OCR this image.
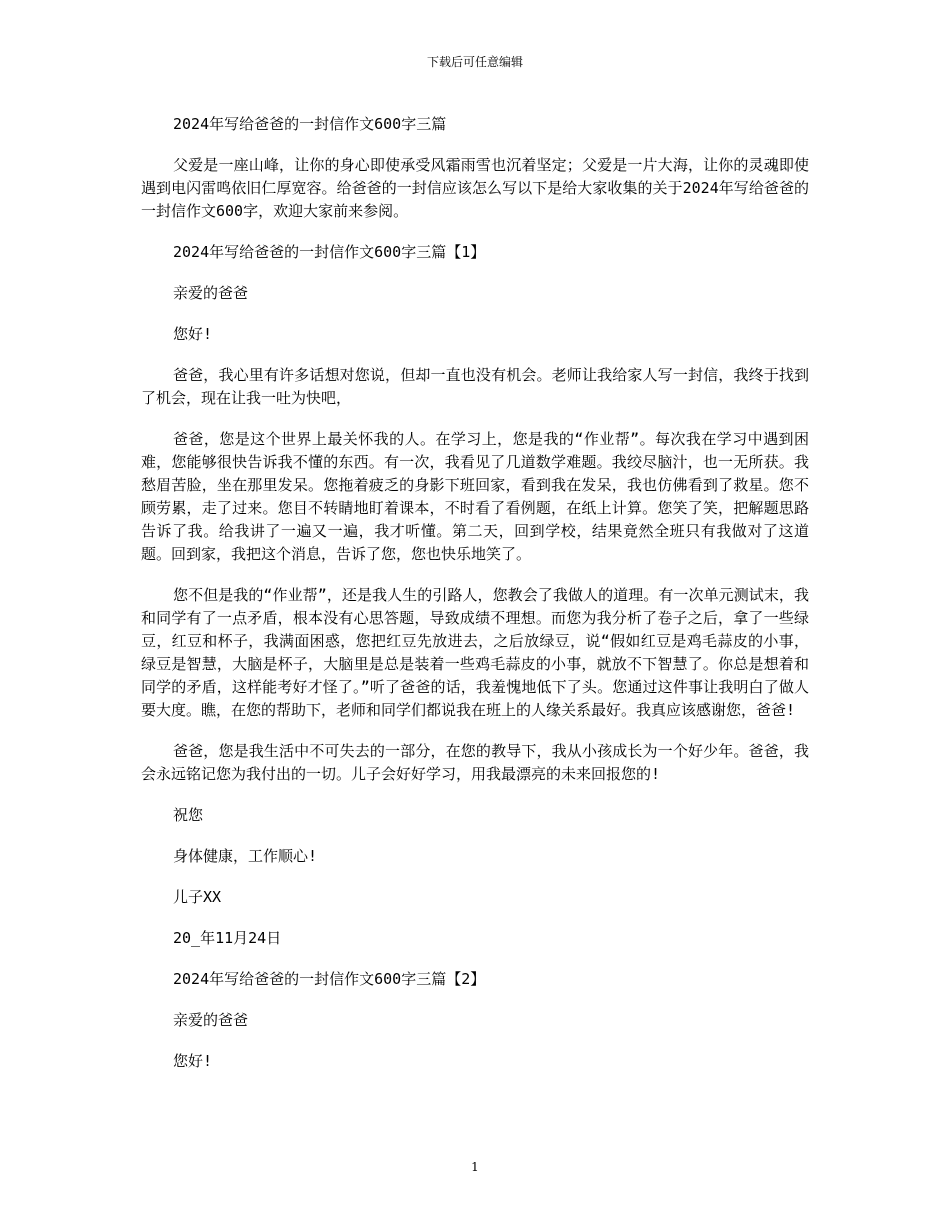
下载后可任意编辑

2024年写给爸爸的一封信作文600字三篇

父爱是一座山峰，让你的身心即使承受风霜雨雪也沉着坚定；父爱是一片大海，让你的灵魂即使遇到电闪雷鸣依旧仁厚宽容。给爸爸的一封信应该怎么写以下是给大家收集的关于2024年写给爸爸的一封信作文600字，欢迎大家前来参阅。

2024年写给爸爸的一封信作文600字三篇【1】

亲爱的爸爸

您好!

爸爸，我心里有许多话想对您说，但却一直也没有机会。老师让我给家人写一封信，我终于找到了机会，现在让我一吐为快吧，

爸爸，您是这个世界上最关怀我的人。在学习上，您是我的“作业帮”。每次我在学习中遇到困难，您能够很快告诉我不懂的东西。有一次，我看见了几道数学难题。我绞尽脑汁，也一无所获。我愁眉苦脸，坐在那里发呆。您拖着疲乏的身影下班回家，看到我在发呆，我也仿佛看到了救星。您不顾劳累，走了过来。您目不转睛地盯着课本，不时看了看例题，在纸上计算。您笑了笑，把解题思路告诉了我。给我讲了一遍又一遍，我才听懂。第二天，回到学校，结果竟然全班只有我做对了这道题。回到家，我把这个消息，告诉了您，您也快乐地笑了。

您不但是我的“作业帮”，还是我人生的引路人，您教会了我做人的道理。有一次单元测试末，我和同学有了一点矛盾，根本没有心思答题，导致成绩不理想。而您为我分析了卷子之后，拿了一些绿豆，红豆和杯子，我满面困惑，您把红豆先放进去，之后放绿豆，说“假如红豆是鸡毛蒜皮的小事，绿豆是智慧，大脑是杯子，大脑里是总是装着一些鸡毛蒜皮的小事，就放不下智慧了。你总是想着和同学的矛盾，这样能考好才怪了。”听了爸爸的话，我羞愧地低下了头。您通过这件事让我明白了做人要大度。瞧，在您的帮助下，老师和同学们都说我在班上的人缘关系最好。我真应该感谢您，爸爸!

爸爸，您是我生活中不可失去的一部分，在您的教导下，我从小孩成长为一个好少年。爸爸，我会永远铭记您为我付出的一切。儿子会好好学习，用我最漂亮的未来回报您的!

祝您

身体健康，工作顺心!

儿子XX

20_年11月24日

2024年写给爸爸的一封信作文600字三篇【2】

亲爱的爸爸

您好!

1
